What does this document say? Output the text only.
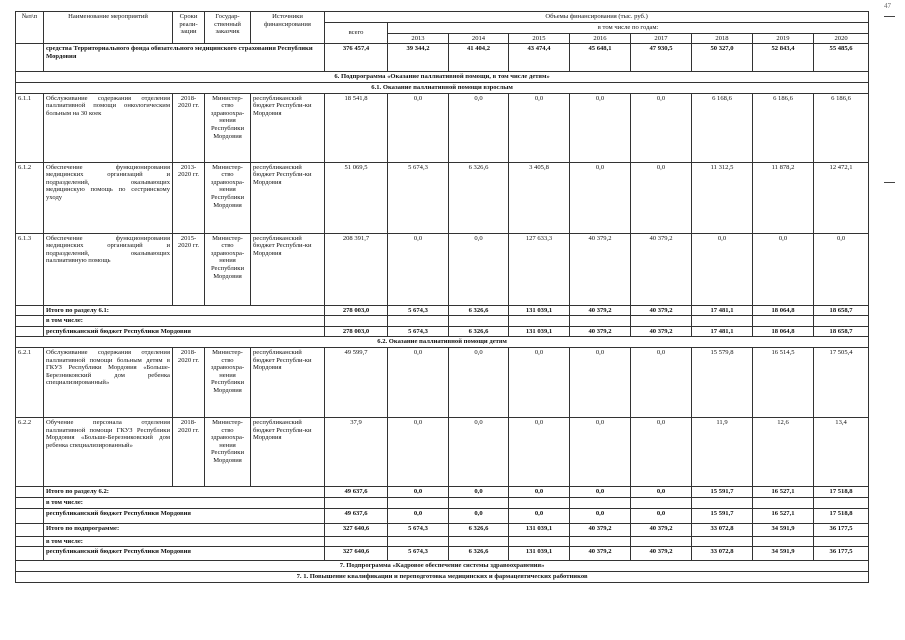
47
№п\п	Наименование мероприятий	Сроки реали-зации	Государ-ственный заказчик	Источники финансирования	Объемы финансирования (тыс. руб.)								
					всего	в том числе по годам:							
						2013	2014	2015	2016	2017	2018	2019	2020
	средства Территориального фонда обязательного медицинского страхования Республики Мордовия				376 457,4	39 344,2	41 404,2	43 474,4	45 648,1	47 930,5	50 327,0	52 843,4	55 485,6
6. Подпрограмма «Оказание паллиативной помощи, в том числе детям»													
6.1. Оказание паллиативной помощи взрослым													
6.1.1	Обслуживание содержания отделения паллиативной помощи онкологическим больным на 30 коек	2018-2020 гг.	Министер-ство здравоохра-нения Республики Мордовия	республиканский бюджет Республи-ки Мордовия	18 541,8	0,0	0,0	0,0	0,0	0,0	6 168,6	6 186,6	6 186,6
6.1.2	Обеспечение функционирования медицинских организаций и подразделений, оказывающих медицинскую помощь по сестринскому уходу	2013-2020 гг.	Министер-ство здравоохра-нения Республики Мордовия	республиканский бюджет Республи-ки Мордовия	51 069,5	5 674,3	6 326,6	3 405,8	0,0	0,0	11 312,5	11 878,2	12 472,1
6.1.3	Обеспечение функционирования медицинских организаций и подразделений, оказывающих паллиативную помощь	2015-2020 гг.	Министер-ство здравоохра-нения Республики Мордовия	республиканский бюджет Республи-ки Мордовия	208 391,7	0,0	0,0	127 633,3	40 379,2	40 379,2	0,0	0,0	0,0
	Итого по разделу 6.1:				278 003,0	5 674,3	6 326,6	131 039,1	40 379,2	40 379,2	17 481,1	18 064,8	18 658,7
	в том числе:												
	республиканский бюджет Республики Мордовия				278 003,0	5 674,3	6 326,6	131 039,1	40 379,2	40 379,2	17 481,1	18 064,8	18 658,7
6.2. Оказание паллиативной помощи детям													
6.2.1	Обслуживание содержания отделения паллиативной помощи больным детям в ГКУЗ Республики Мордовия «Больше-Березниковский дом ребенка специализированный»	2018-2020 гг.	Министер-ство здравоохра-нения Республики Мордовия	республиканский бюджет Республи-ки Мордовия	49 599,7	0,0	0,0	0,0	0,0	0,0	15 579,8	16 514,5	17 505,4
6.2.2	Обучение персонала отделения паллиативной помощи ГКУЗ Республики Мордовия «Больше-Березниковский дом ребенка специализированный»	2018-2020 гг.	Министер-ство здравоохра-нения Республики Мордовия	республиканский бюджет Республи-ки Мордовия	37,9	0,0	0,0	0,0	0,0	0,0	11,9	12,6	13,4
	Итого по разделу 6.2:				49 637,6	0,0	0,0	0,0	0,0	0,0	15 591,7	16 527,1	17 518,8
	в том числе:												
	республиканский бюджет Республики Мордовия				49 637,6	0,0	0,0	0,0	0,0	0,0	15 591,7	16 527,1	17 518,8
	Итого по подпрограмме:				327 640,6	5 674,3	6 326,6	131 039,1	40 379,2	40 379,2	33 072,8	34 591,9	36 177,5
	в том числе:												
	республиканский бюджет Республики Мордовия				327 640,6	5 674,3	6 326,6	131 039,1	40 379,2	40 379,2	33 072,8	34 591,9	36 177,5
7. Подпрограмма «Кадровое обеспечение системы здравоохранения»													
7. 1. Повышение квалификации и переподготовка медицинских и фармацевтических работников													
